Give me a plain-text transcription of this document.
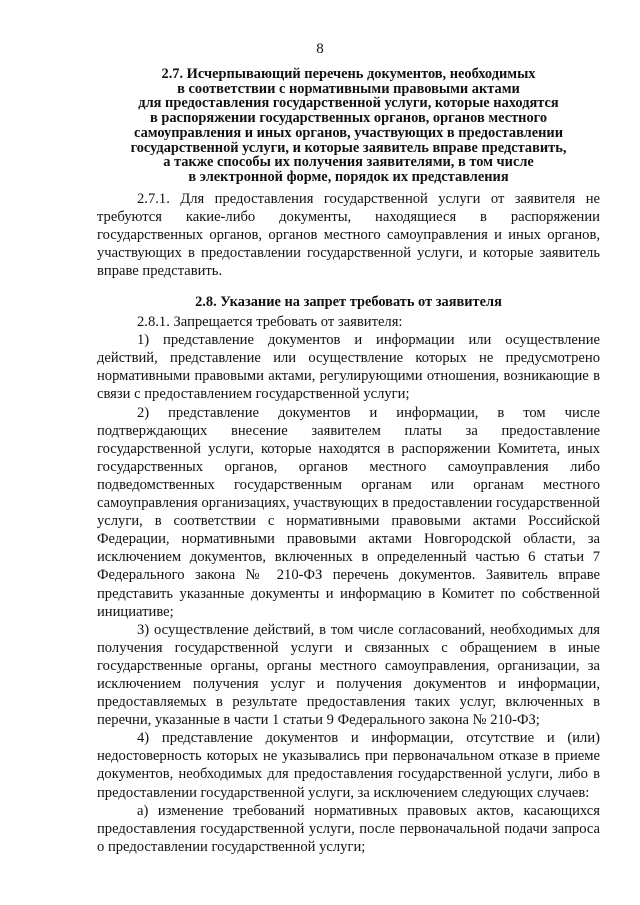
8
2.7. Исчерпывающий перечень документов, необходимых
в соответствии с нормативными правовыми актами
для предоставления государственной услуги, которые находятся
в распоряжении государственных органов, органов местного
самоуправления и иных органов, участвующих в предоставлении
государственной услуги, и которые заявитель вправе представить,
а также способы их получения заявителями, в том числе
в электронной форме, порядок их представления

2.7.1. Для предоставления государственной услуги от заявителя не требуются какие-либо документы, находящиеся в распоряжении государственных органов, органов местного самоуправления и иных органов, участвующих в предоставлении государственной услуги, и которые заявитель вправе представить.

2.8. Указание на запрет требовать от заявителя

2.8.1. Запрещается требовать от заявителя:

1) представление документов и информации или осуществление действий, представление или осуществление которых не предусмотрено нормативными правовыми актами, регулирующими отношения, возникающие в связи с предоставлением государственной услуги;

2) представление документов и информации, в том числе подтверждающих внесение заявителем платы за предоставление государственной услуги, которые находятся в распоряжении Комитета, иных государственных органов, органов местного самоуправления либо подведомственных государственным органам или органам местного самоуправления организациях, участвующих в предоставлении государственной услуги, в соответствии с нормативными правовыми актами Российской Федерации, нормативными правовыми актами Новгородской области, за исключением документов, включенных в определенный частью 6 статьи 7 Федерального закона № 210-ФЗ перечень документов. Заявитель вправе представить указанные документы и информацию в Комитет по собственной инициативе;

3) осуществление действий, в том числе согласований, необходимых для получения государственной услуги и связанных с обращением в иные государственные органы, органы местного самоуправления, организации, за исключением получения услуг и получения документов и информации, предоставляемых в результате предоставления таких услуг, включенных в перечни, указанные в части 1 статьи 9 Федерального закона № 210-ФЗ;

4) представление документов и информации, отсутствие и (или) недостоверность которых не указывались при первоначальном отказе в приеме документов, необходимых для предоставления государственной услуги, либо в предоставлении государственной услуги, за исключением следующих случаев:

а) изменение требований нормативных правовых актов, касающихся предоставления государственной услуги, после первоначальной подачи запроса о предоставлении государственной услуги;
